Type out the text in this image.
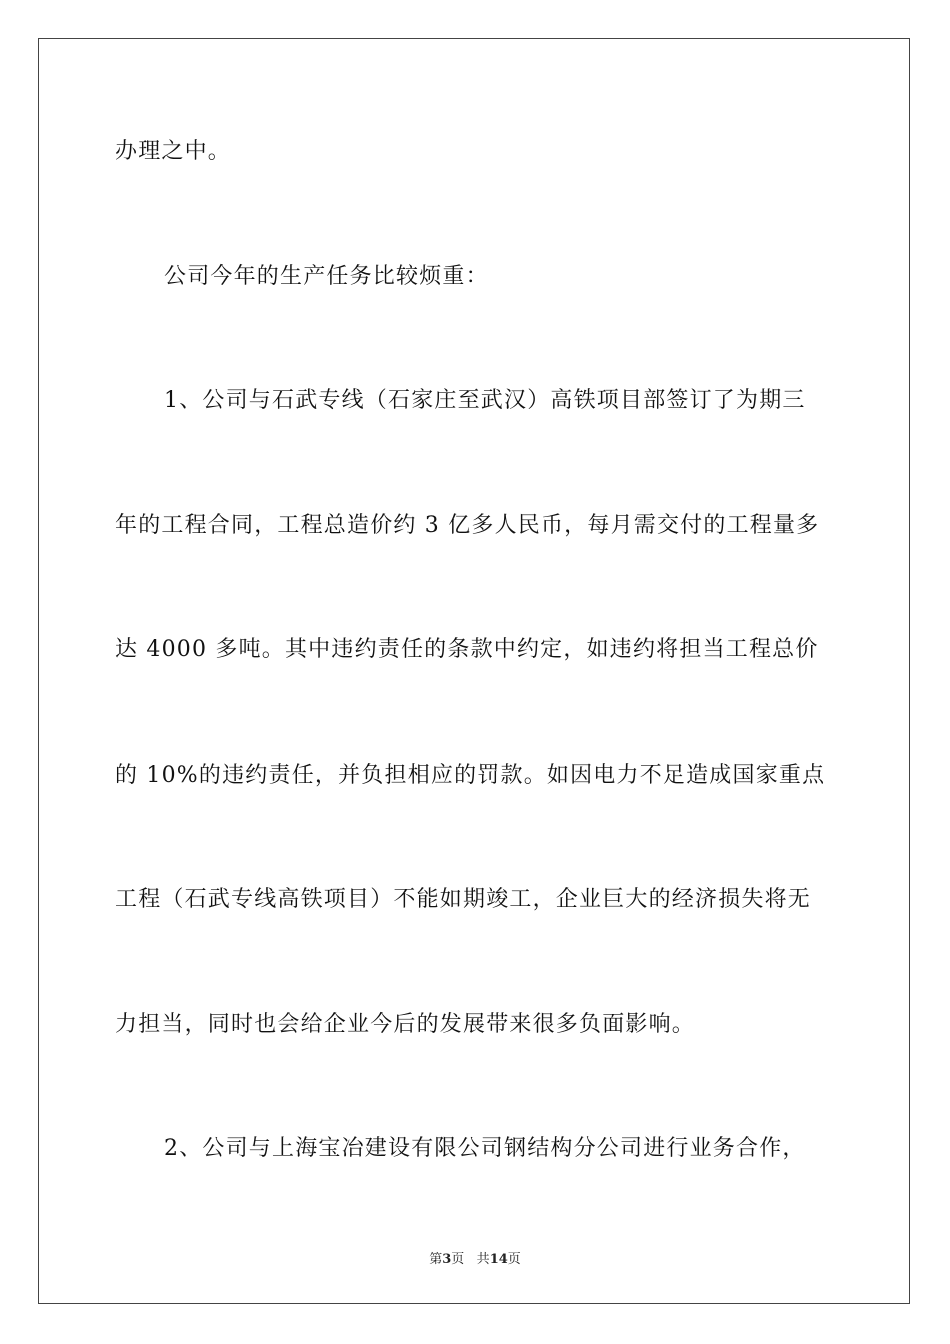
办理之中。

公司今年的生产任务比较烦重：

1、公司与石武专线（石家庄至武汉）高铁项目部签订了为期三

年的工程合同，工程总造价约 3 亿多人民币，每月需交付的工程量多

达 4000 多吨。其中违约责任的条款中约定，如违约将担当工程总价

的 10%的违约责任，并负担相应的罚款。如因电力不足造成国家重点

工程（石武专线高铁项目）不能如期竣工，企业巨大的经济损失将无

力担当，同时也会给企业今后的发展带来很多负面影响。

2、公司与上海宝冶建设有限公司钢结构分公司进行业务合作，

第3页 共14页
